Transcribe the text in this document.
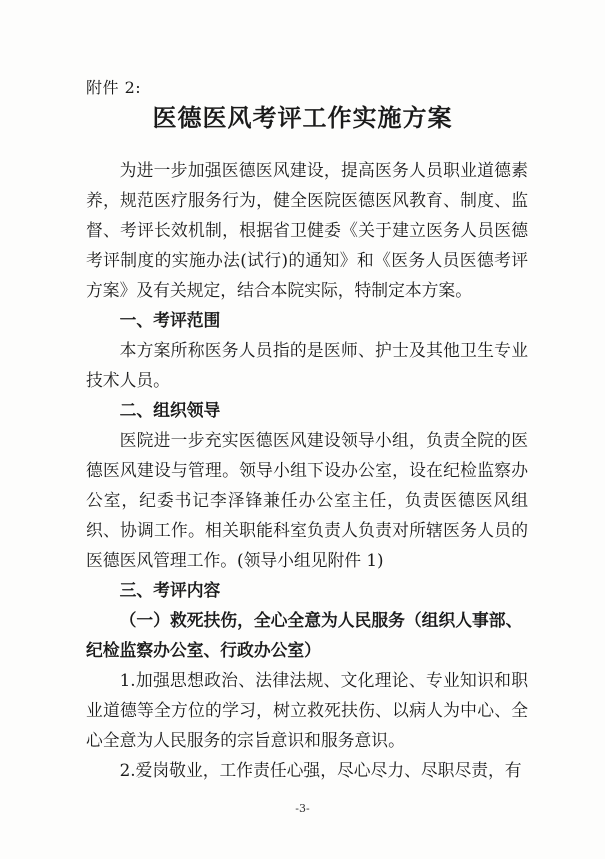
附件 2:
医德医风考评工作实施方案

为进一步加强医德医风建设，提高医务人员职业道德素养，规范医疗服务行为，健全医院医德医风教育、制度、监督、考评长效机制，根据省卫健委《关于建立医务人员医德考评制度的实施办法(试行)的通知》和《医务人员医德考评方案》及有关规定，结合本院实际，特制定本方案。

一、考评范围

本方案所称医务人员指的是医师、护士及其他卫生专业技术人员。

二、组织领导

医院进一步充实医德医风建设领导小组，负责全院的医德医风建设与管理。领导小组下设办公室，设在纪检监察办公室，纪委书记李泽锋兼任办公室主任，负责医德医风组织、协调工作。相关职能科室负责人负责对所辖医务人员的医德医风管理工作。(领导小组见附件 1)

三、考评内容

（一）救死扶伤，全心全意为人民服务（组织人事部、纪检监察办公室、行政办公室）

1.加强思想政治、法律法规、文化理论、专业知识和职业道德等全方位的学习，树立救死扶伤、以病人为中心、全心全意为人民服务的宗旨意识和服务意识。

2.爱岗敬业，工作责任心强，尽心尽力、尽职尽责，有

-3-
